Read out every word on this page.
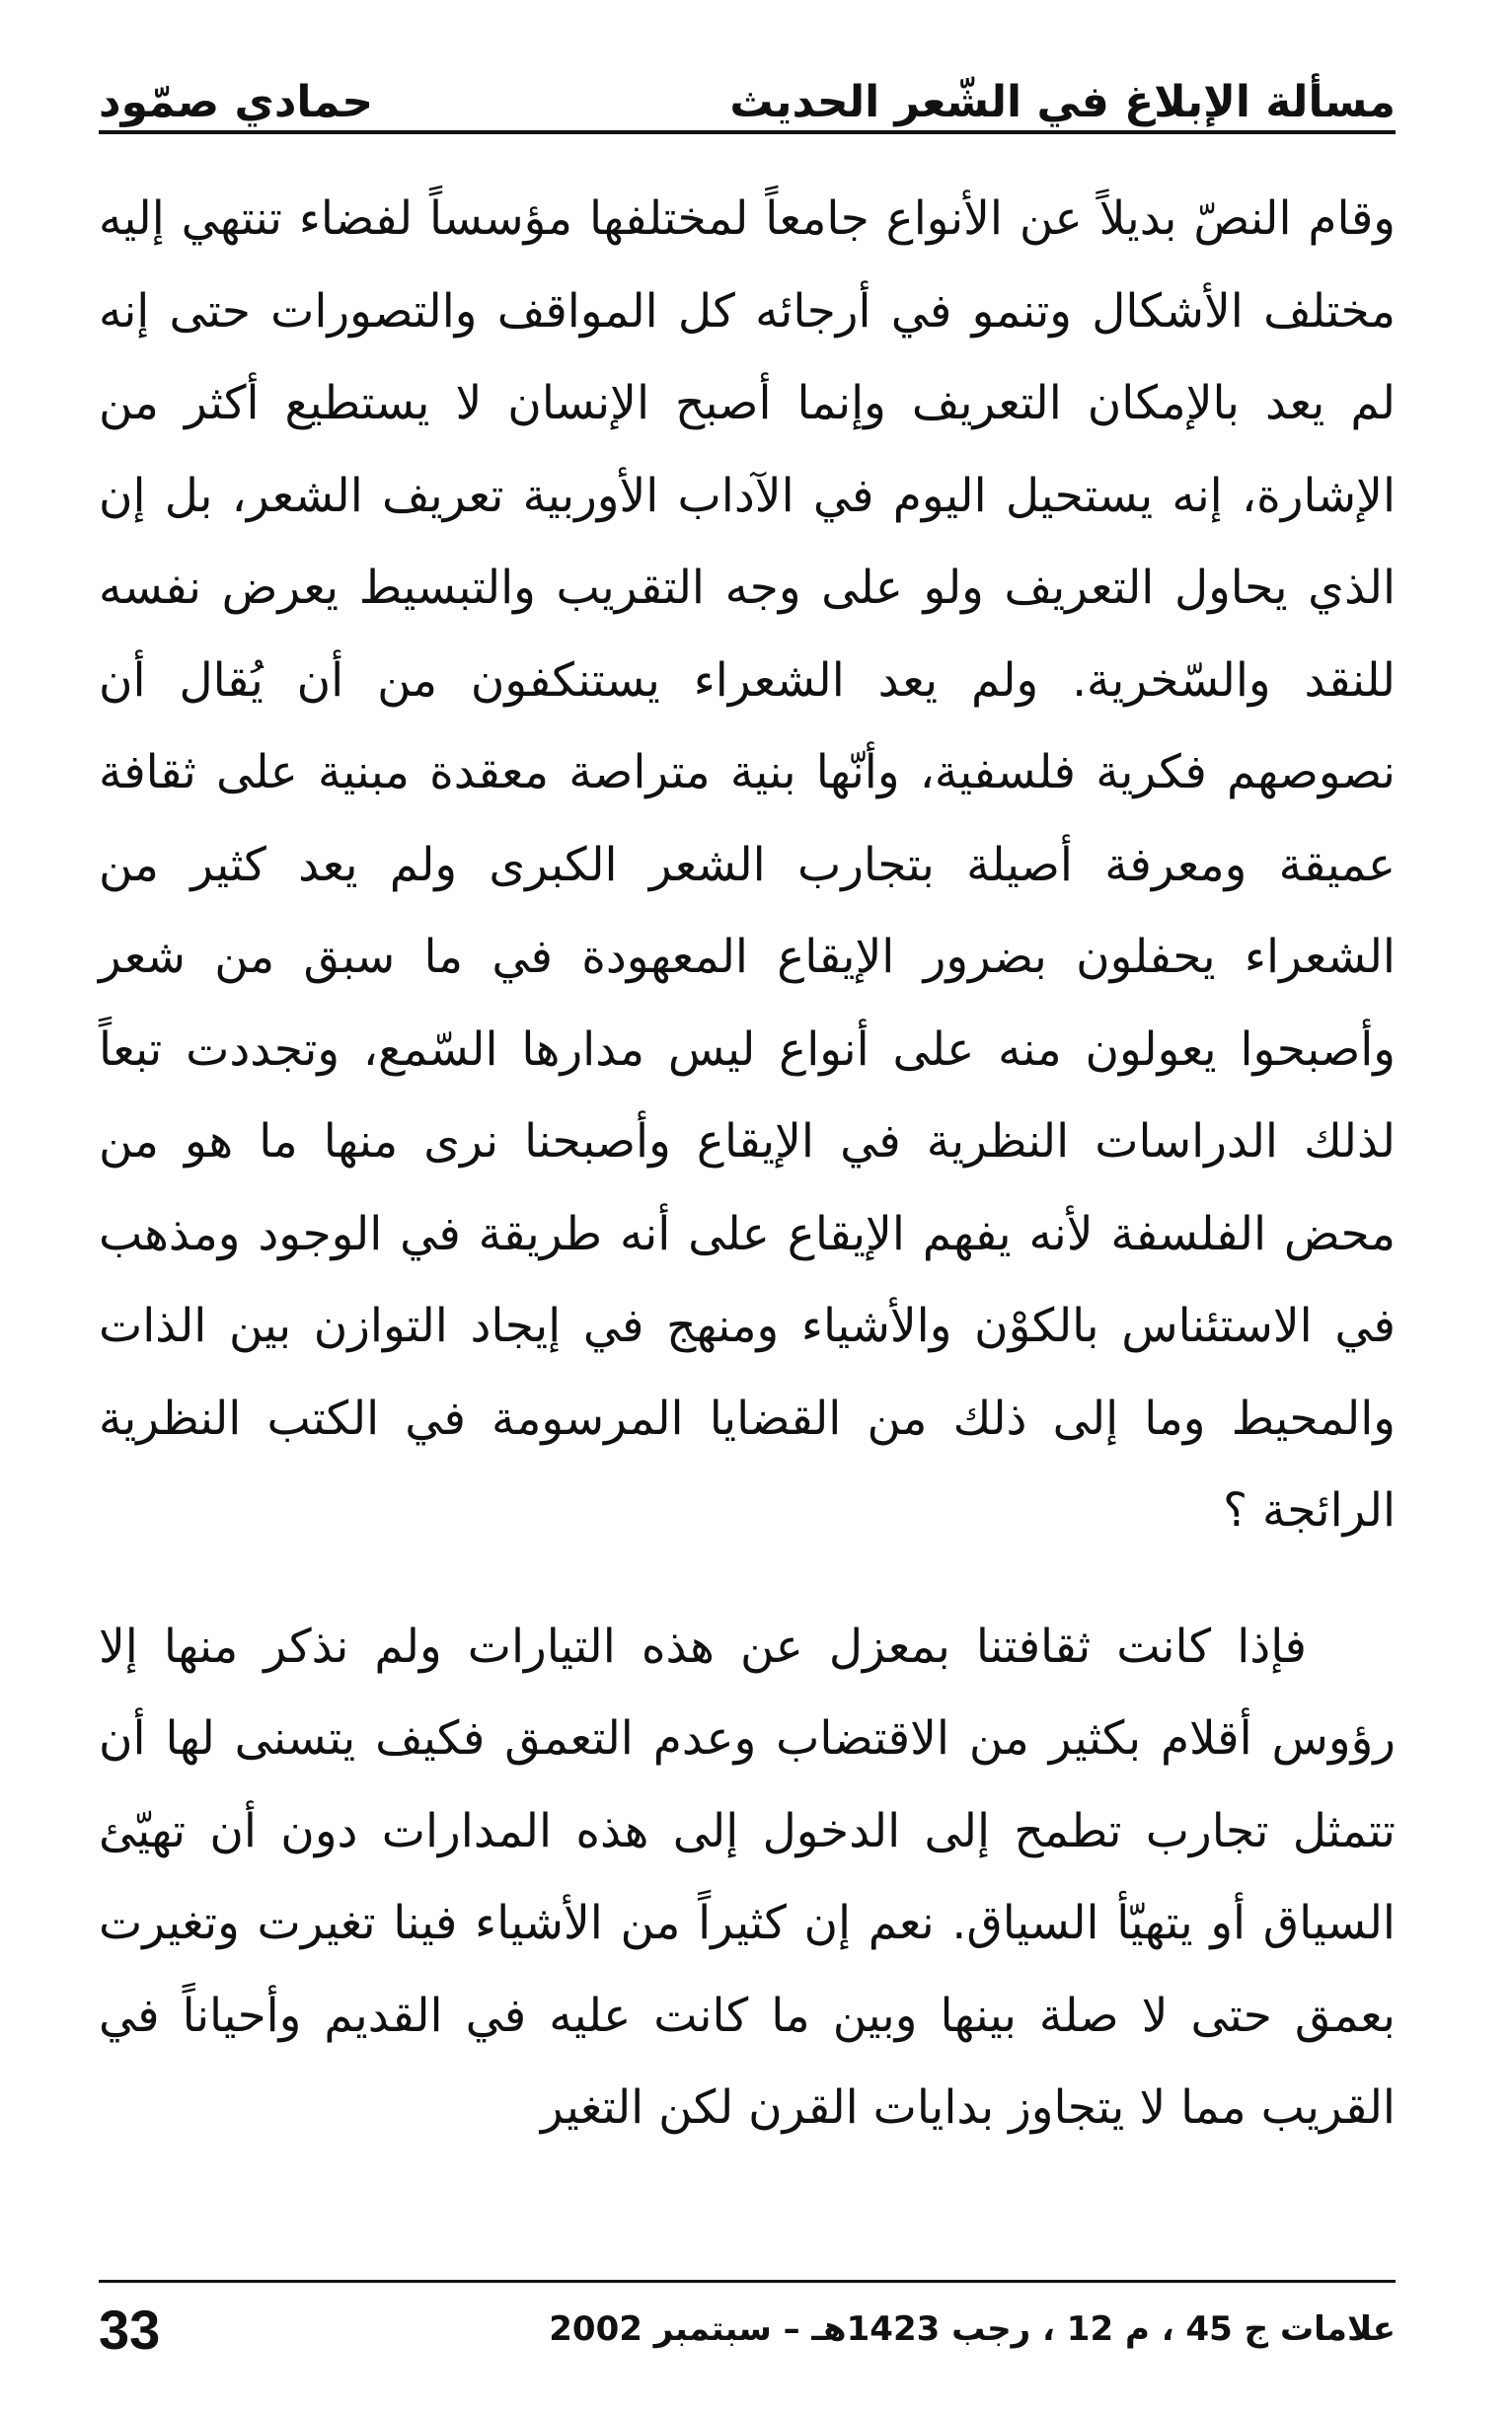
مسألة الإبلاغ في الشّعر الحديث
حمادي صمّود

وقام النصّ بديلاً عن الأنواع جامعاً لمختلفها مؤسساً لفضاء تنتهي إليه مختلف الأشكال وتنمو في أرجائه كل المواقف والتصورات حتى إنه لم يعد بالإمكان التعريف وإنما أصبح الإنسان لا يستطيع أكثر من الإشارة، إنه يستحيل اليوم في الآداب الأوربية تعريف الشعر، بل إن الذي يحاول التعريف ولو على وجه التقريب والتبسيط يعرض نفسه للنقد والسّخرية. ولم يعد الشعراء يستنكفون من أن يُقال أن نصوصهم فكرية فلسفية، وأنّها بنية متراصة معقدة مبنية على ثقافة عميقة ومعرفة أصيلة بتجارب الشعر الكبرى ولم يعد كثير من الشعراء يحفلون بضرور الإيقاع المعهودة في ما سبق من شعر وأصبحوا يعولون منه على أنواع ليس مدارها السّمع، وتجددت تبعاً لذلك الدراسات النظرية في الإيقاع وأصبحنا نرى منها ما هو من محض الفلسفة لأنه يفهم الإيقاع على أنه طريقة في الوجود ومذهب في الاستئناس بالكوْن والأشياء ومنهج في إيجاد التوازن بين الذات والمحيط وما إلى ذلك من القضايا المرسومة في الكتب النظرية الرائجة ؟

فإذا كانت ثقافتنا بمعزل عن هذه التيارات ولم نذكر منها إلا رؤوس أقلام بكثير من الاقتضاب وعدم التعمق فكيف يتسنى لها أن تتمثل تجارب تطمح إلى الدخول إلى هذه المدارات دون أن تهيّئ السياق أو يتهيّأ السياق. نعم إن كثيراً من الأشياء فينا تغيرت وتغيرت بعمق حتى لا صلة بينها وبين ما كانت عليه في القديم وأحياناً في القريب مما لا يتجاوز بدايات القرن لكن التغير

علامات ج 45 ، م 12 ، رجب 1423هـ – سبتمبر 2002
33
